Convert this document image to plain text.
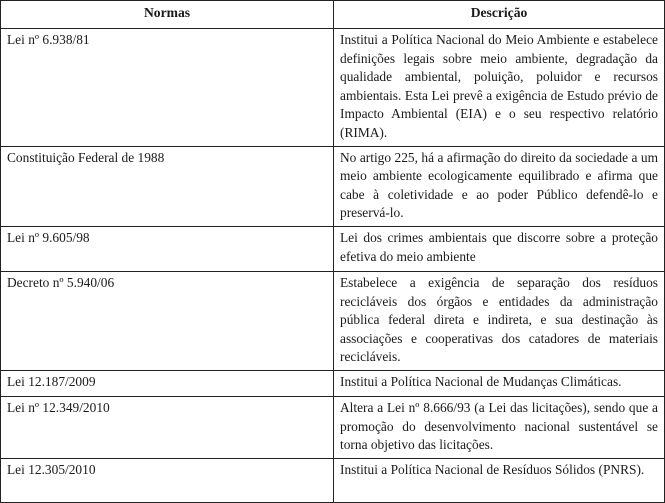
Normas	Descrição
Lei nº 6.938/81	Institui a Política Nacional do Meio Ambiente e estabelece definições legais sobre meio ambiente, degradação da qualidade ambiental, poluição, poluidor e recursos ambientais. Esta Lei prevê a exigência de Estudo prévio de Impacto Ambiental (EIA) e o seu respectivo relatório (RIMA).
Constituição Federal de 1988	No artigo 225, há a afirmação do direito da sociedade a um meio ambiente ecologicamente equilibrado e afirma que cabe à coletividade e ao poder Público defendê-lo e preservá-lo.
Lei nº 9.605/98	Lei dos crimes ambientais que discorre sobre a proteção efetiva do meio ambiente
Decreto nº 5.940/06	Estabelece a exigência de separação dos resíduos recicláveis dos órgãos e entidades da administração pública federal direta e indireta, e sua destinação às associações e cooperativas dos catadores de materiais recicláveis.
Lei 12.187/2009	Institui a Política Nacional de Mudanças Climáticas.
Lei nº 12.349/2010	Altera a Lei nº 8.666/93 (a Lei das licitações), sendo que a promoção do desenvolvimento nacional sustentável se torna objetivo das licitações.
Lei 12.305/2010	Institui a Política Nacional de Resíduos Sólidos (PNRS).
